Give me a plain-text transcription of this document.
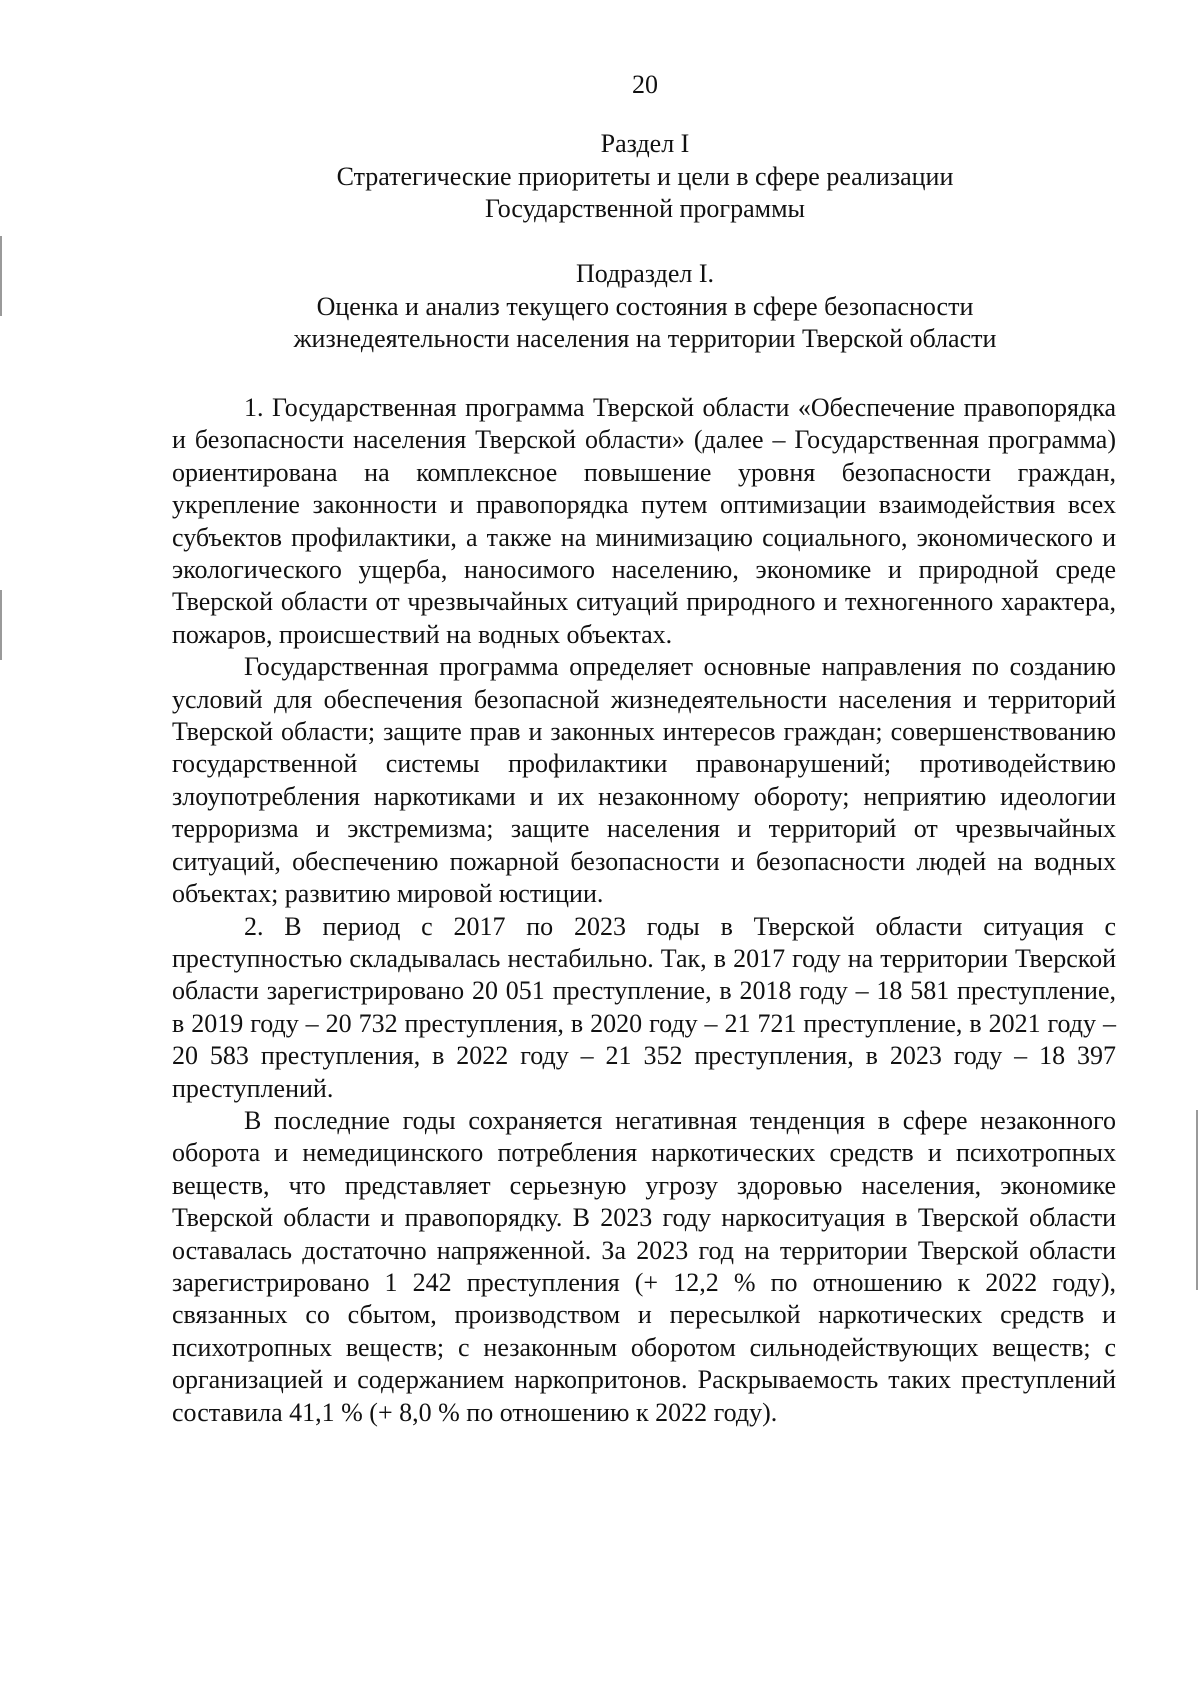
20
Раздел I
Стратегические приоритеты и цели в сфере реализации
Государственной программы
Подраздел I.
Оценка и анализ текущего состояния в сфере безопасности
жизнедеятельности населения на территории Тверской области

1. Государственная программа Тверской области «Обеспечение правопорядка и безопасности населения Тверской области» (далее – Государственная программа) ориентирована на комплексное повышение уровня безопасности граждан, укрепление законности и правопорядка путем оптимизации взаимодействия всех субъектов профилактики, а также на минимизацию социального, экономического и экологического ущерба, наносимого населению, экономике и природной среде Тверской области от чрезвычайных ситуаций природного и техногенного характера, пожаров, происшествий на водных объектах.

Государственная программа определяет основные направления по созданию условий для обеспечения безопасной жизнедеятельности населения и территорий Тверской области; защите прав и законных интересов граждан; совершенствованию государственной системы профилактики правонарушений; противодействию злоупотребления наркотиками и их незаконному обороту; неприятию идеологии терроризма и экстремизма; защите населения и территорий от чрезвычайных ситуаций, обеспечению пожарной безопасности и безопасности людей на водных объектах; развитию мировой юстиции.

2. В период с 2017 по 2023 годы в Тверской области ситуация с преступностью складывалась нестабильно. Так, в 2017 году на территории Тверской области зарегистрировано 20 051 преступление, в 2018 году – 18 581 преступление, в 2019 году – 20 732 преступления, в 2020 году – 21 721 преступление, в 2021 году – 20 583 преступления, в 2022 году – 21 352 преступления, в 2023 году – 18 397 преступлений.

В последние годы сохраняется негативная тенденция в сфере незаконного оборота и немедицинского потребления наркотических средств и психотропных веществ, что представляет серьезную угрозу здоровью населения, экономике Тверской области и правопорядку. В 2023 году наркоситуация в Тверской области оставалась достаточно напряженной. За 2023 год на территории Тверской области зарегистрировано 1 242 преступления (+ 12,2 % по отношению к 2022 году), связанных со сбытом, производством и пересылкой наркотических средств и психотропных веществ; с незаконным оборотом сильнодействующих веществ; с организацией и содержанием наркопритонов. Раскрываемость таких преступлений составила 41,1 % (+ 8,0 % по отношению к 2022 году).
